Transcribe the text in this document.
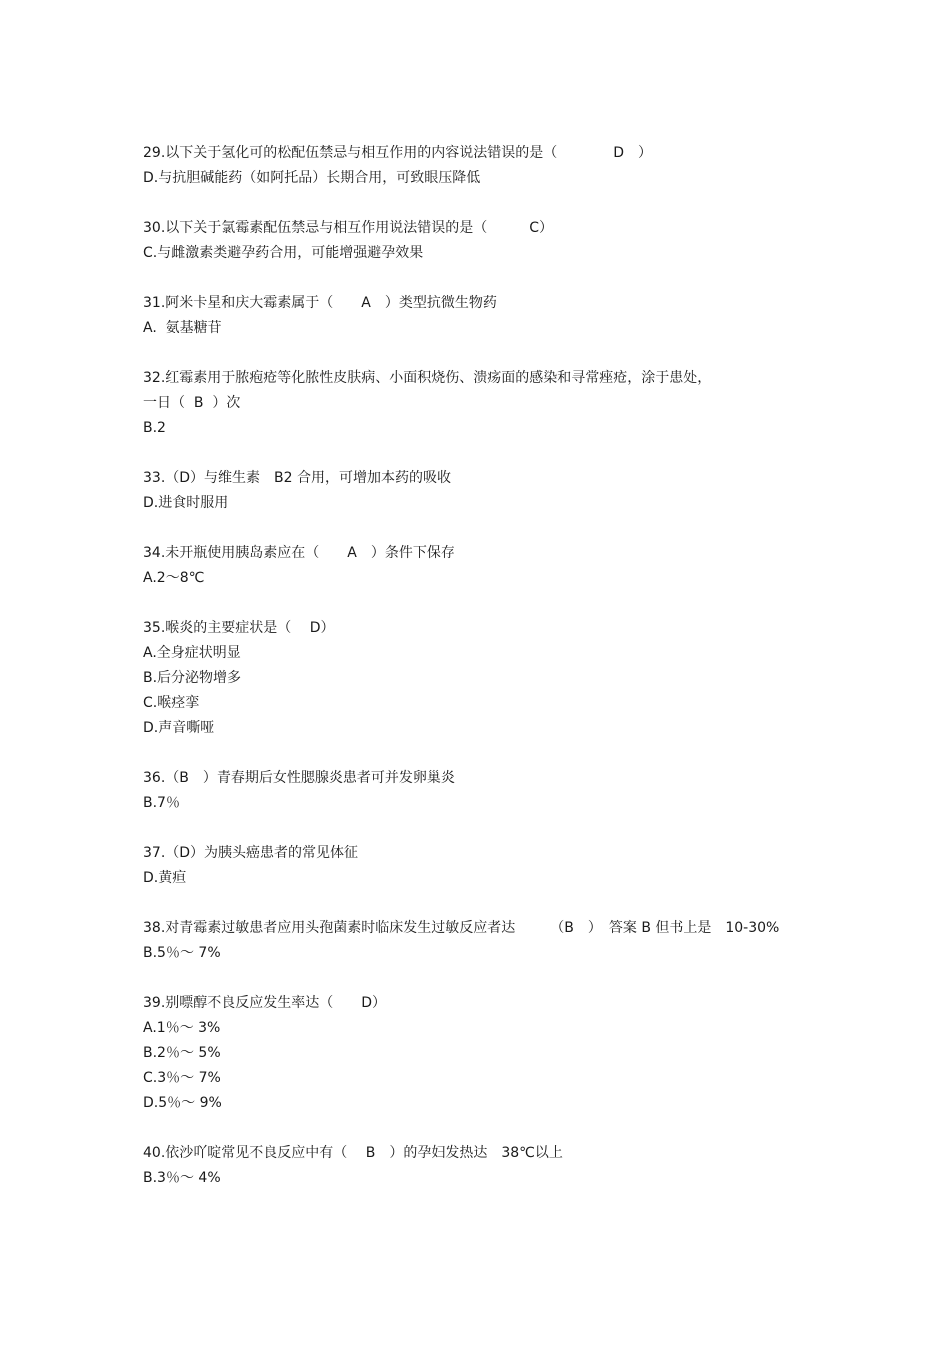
29.以下关于氢化可的松配伍禁忌与相互作用的内容说法错误的是（　　　　D　）
D.与抗胆碱能药（如阿托品）长期合用，可致眼压降低
30.以下关于氯霉素配伍禁忌与相互作用说法错误的是（　　　C）
C.与雌激素类避孕药合用，可能增强避孕效果
31.阿米卡星和庆大霉素属于（　　A　）类型抗微生物药
A.  氨基糖苷
32.红霉素用于脓疱疮等化脓性皮肤病、小面积烧伤、溃疡面的感染和寻常痤疮，涂于患处，
一日（  B  ）次
B.2
33.（D）与维生素　B2 合用，可增加本药的吸收
D.进食时服用
34.未开瓶使用胰岛素应在（　　A　）条件下保存
A.2～8℃
35.喉炎的主要症状是（　 D）
A.全身症状明显
B.后分泌物增多
C.喉痉挛
D.声音嘶哑
36.（B　）青春期后女性腮腺炎患者可并发卵巢炎
B.7％
37.（D）为胰头癌患者的常见体征
D.黄疸
38.对青霉素过敏患者应用头孢菌素时临床发生过敏反应者达　　　（B　）　答案 B 但书上是　10-30%
B.5％～ 7%
39.别嘌醇不良反应发生率达（　　D）
A.1％～ 3%
B.2％～ 5%
C.3％～ 7%
D.5％～ 9%
40.依沙吖啶常见不良反应中有（　 B　）的孕妇发热达　38℃以上
B.3％～ 4%
